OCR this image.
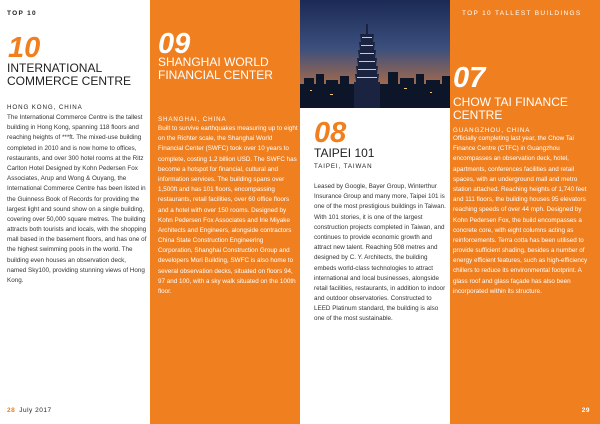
TOP 10
10
INTERNATIONAL COMMERCE CENTRE
HONG KONG, CHINA
The International Commerce Centre is the tallest building in Hong Kong, spanning 118 floors and reaching heights of ***ft. The mixed-use building completed in 2010 and is now home to offices, restaurants, and over 300 hotel rooms at the Ritz Carlton Hotel Designed by Kohn Pedersen Fox Associates, Arup and Wong & Ouyang, the International Commerce Centre has been listed in the Guinness Book of Records for providing the largest light and sound show on a single building, covering over 50,000 square metres. The building attracts both tourists and locals, with the shopping mall based in the basement floors, and has one of the highest swimming pools in the world. The building even houses an observation deck, named Sky100, providing stunning views of Hong Kong.
28 July 2017
09
SHANGHAI WORLD FINANCIAL CENTER
SHANGHAI, CHINA
Built to survive earthquakes measuring up to eight on the Richter scale, the Shanghai World Financial Center (SWFC) took over 10 years to complete, costing 1.2 billion USD. The SWFC has become a hotspot for financial, cultural and information services. The building spans over 1,500ft and has 101 floors, encompassing restaurants, retail facilities, over 60 office floors and a hotel with over 150 rooms. Designed by Kohn Pedersen Fox Associates and Irie Miyake Architects and Engineers, alongside contractors China State Construction Engineering Corporation, Shanghai Construction Group and developers Mori Building, SWFC is also home to several observation decks, situated on floors 94, 97 and 100, with a sky walk situated on the 100th floor.
08
TAIPEI 101
TAIPEI, TAIWAN
Leased by Google, Bayer Group, Winterthur Insurance Group and many more, Taipei 101 is one of the most prestigious buildings in Taiwan. With 101 stories, it is one of the largest construction projects completed in Taiwan, and continues to provide economic growth and attract new talent. Reaching 508 metres and designed by C. Y. Architects, the building embeds world-class technologies to attract international and local businesses, alongside retail facilities, restaurants, in addition to indoor and outdoor observatories. Constructed to LEED Platinum standard, the building is also one of the most sustainable.
TOP 10 TALLEST BUILDINGS
07
CHOW TAI FINANCE CENTRE
GUANGZHOU, CHINA
Officially completing last year, the Chow Tai Finance Centre (CTFC) in Guangzhou encompasses an observation deck, hotel, apartments, conferences facilities and retail spaces, with an underground mall and metro station attached. Reaching heights of 1,740 feet and 111 floors, the building houses 95 elevators reaching speeds of over 44 mph. Designed by Kohn Pedersen Fox, the build encompasses a concrete core, with eight columns acting as reinforcements. Terra cotta has been utilised to provide sufficient shading, besides a number of energy efficient features, such as high-efficiency chillers to reduce its environmental footprint. A glass roof and glass façade has also been incorporated within its structure.
29
